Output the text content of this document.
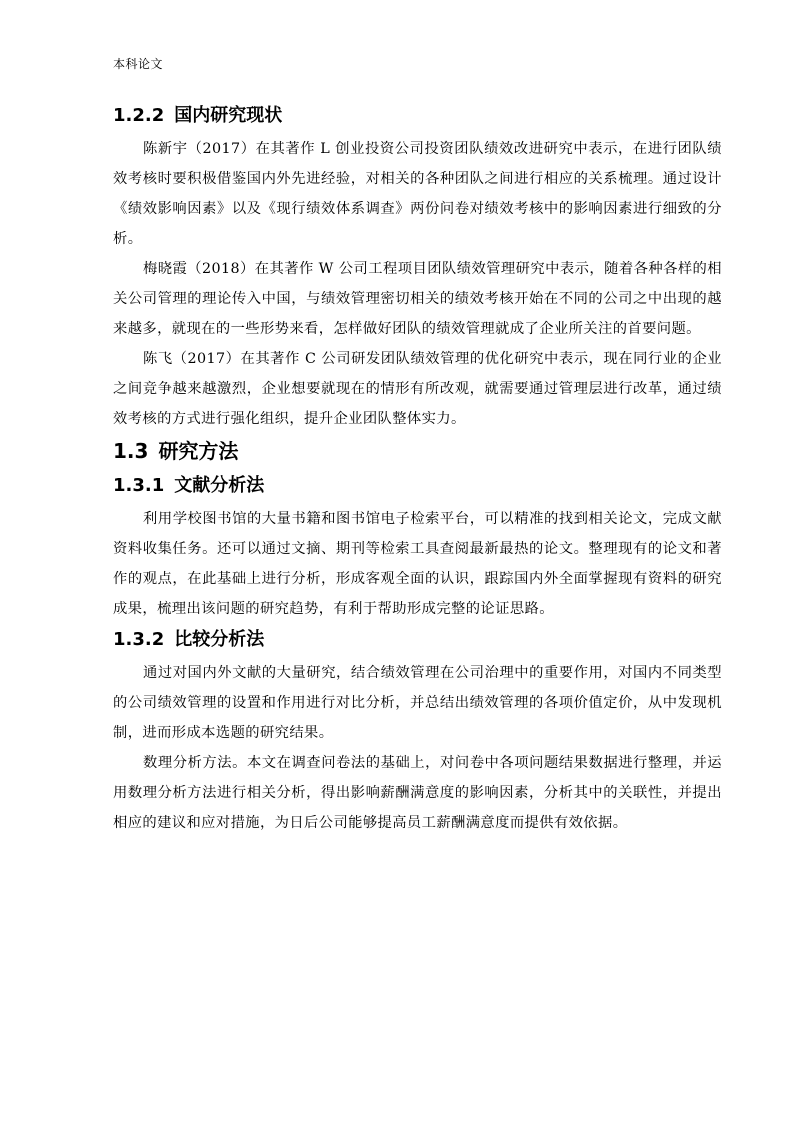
本科论文
1.2.2 国内研究现状

陈新宇（2017）在其著作 L 创业投资公司投资团队绩效改进研究中表示，在进行团队绩效考核时要积极借鉴国内外先进经验，对相关的各种团队之间进行相应的关系梳理。通过设计《绩效影响因素》以及《现行绩效体系调查》两份问卷对绩效考核中的影响因素进行细致的分析。

梅晓霞（2018）在其著作 W 公司工程项目团队绩效管理研究中表示，随着各种各样的相关公司管理的理论传入中国，与绩效管理密切相关的绩效考核开始在不同的公司之中出现的越来越多，就现在的一些形势来看，怎样做好团队的绩效管理就成了企业所关注的首要问题。

陈飞（2017）在其著作 C 公司研发团队绩效管理的优化研究中表示，现在同行业的企业之间竞争越来越激烈，企业想要就现在的情形有所改观，就需要通过管理层进行改革，通过绩效考核的方式进行强化组织，提升企业团队整体实力。

1.3 研究方法
1.3.1 文献分析法

利用学校图书馆的大量书籍和图书馆电子检索平台，可以精准的找到相关论文，完成文献资料收集任务。还可以通过文摘、期刊等检索工具查阅最新最热的论文。整理现有的论文和著作的观点，在此基础上进行分析，形成客观全面的认识，跟踪国内外全面掌握现有资料的研究成果，梳理出该问题的研究趋势，有利于帮助形成完整的论证思路。

1.3.2 比较分析法

通过对国内外文献的大量研究，结合绩效管理在公司治理中的重要作用，对国内不同类型的公司绩效管理的设置和作用进行对比分析，并总结出绩效管理的各项价值定价，从中发现机制，进而形成本选题的研究结果。

数理分析方法。本文在调查问卷法的基础上，对问卷中各项问题结果数据进行整理，并运用数理分析方法进行相关分析，得出影响薪酬满意度的影响因素，分析其中的关联性，并提出相应的建议和应对措施，为日后公司能够提高员工薪酬满意度而提供有效依据。
